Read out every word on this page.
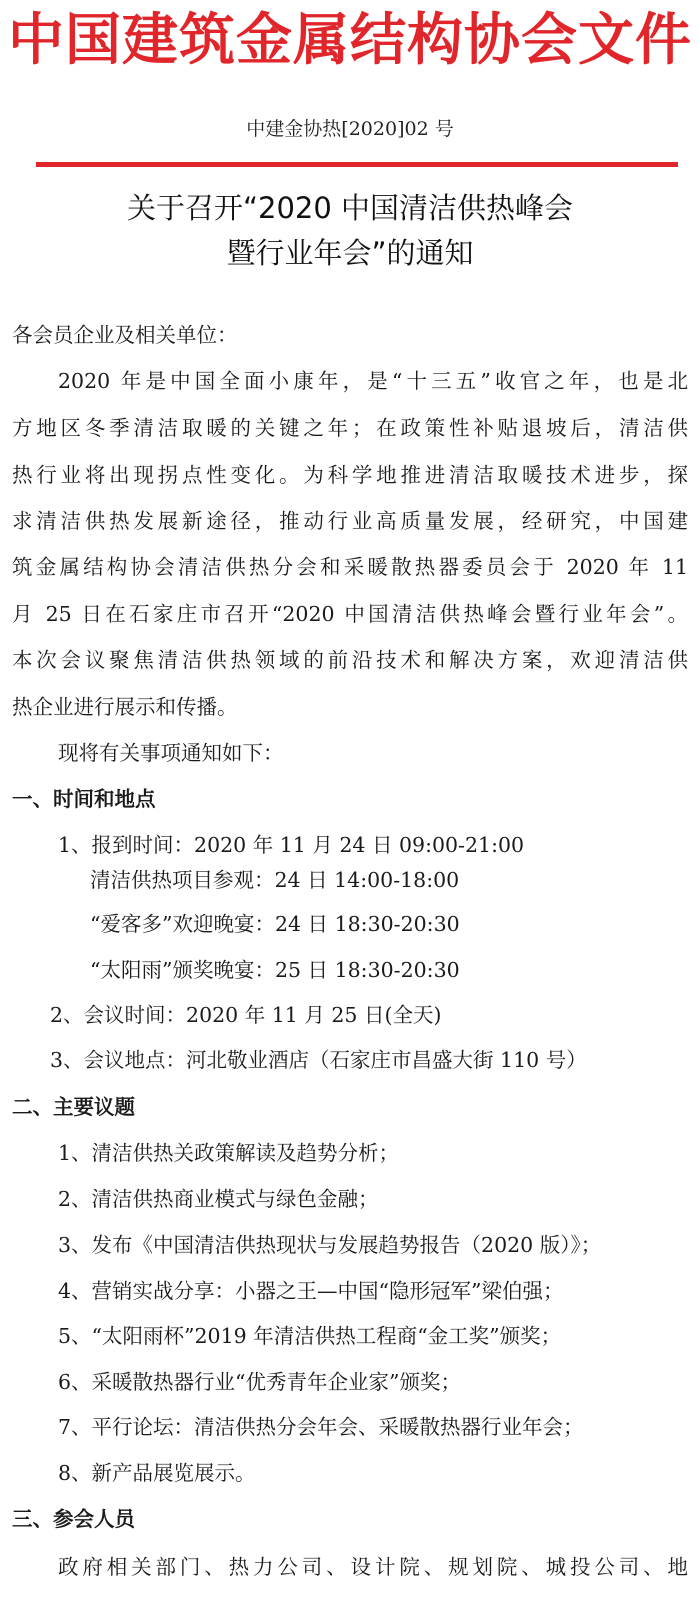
中国建筑金属结构协会文件
中建金协热[2020]02 号
关于召开“2020 中国清洁供热峰会
暨行业年会”的通知
各会员企业及相关单位：
2020 年是中国全面小康年，是“十三五”收官之年，也是北
方地区冬季清洁取暖的关键之年；在政策性补贴退坡后，清洁供
热行业将出现拐点性变化。为科学地推进清洁取暖技术进步，探
求清洁供热发展新途径，推动行业高质量发展，经研究，中国建
筑金属结构协会清洁供热分会和采暖散热器委员会于 2020 年 11
月 25 日在石家庄市召开“2020 中国清洁供热峰会暨行业年会”。
本次会议聚焦清洁供热领域的前沿技术和解决方案，欢迎清洁供
热企业进行展示和传播。
现将有关事项通知如下：
一、时间和地点
1、报到时间：2020 年 11 月 24 日 09:00-21:00
清洁供热项目参观：24 日 14:00-18:00
“爱客多”欢迎晚宴：24 日 18:30-20:30
“太阳雨”颁奖晚宴：25 日 18:30-20:30
2、会议时间：2020 年 11 月 25 日(全天)
3、会议地点：河北敬业酒店（石家庄市昌盛大街 110 号）
二、主要议题
1、清洁供热关政策解读及趋势分析；
2、清洁供热商业模式与绿色金融；
3、发布《中国清洁供热现状与发展趋势报告（2020 版）》；
4、营销实战分享：小器之王—中国“隐形冠军”梁伯强；
5、“太阳雨杯”2019 年清洁供热工程商“金工奖”颁奖；
6、采暖散热器行业“优秀青年企业家”颁奖；
7、平行论坛：清洁供热分会年会、采暖散热器行业年会；
8、新产品展览展示。
三、参会人员
政府相关部门、热力公司、设计院、规划院、城投公司、地
